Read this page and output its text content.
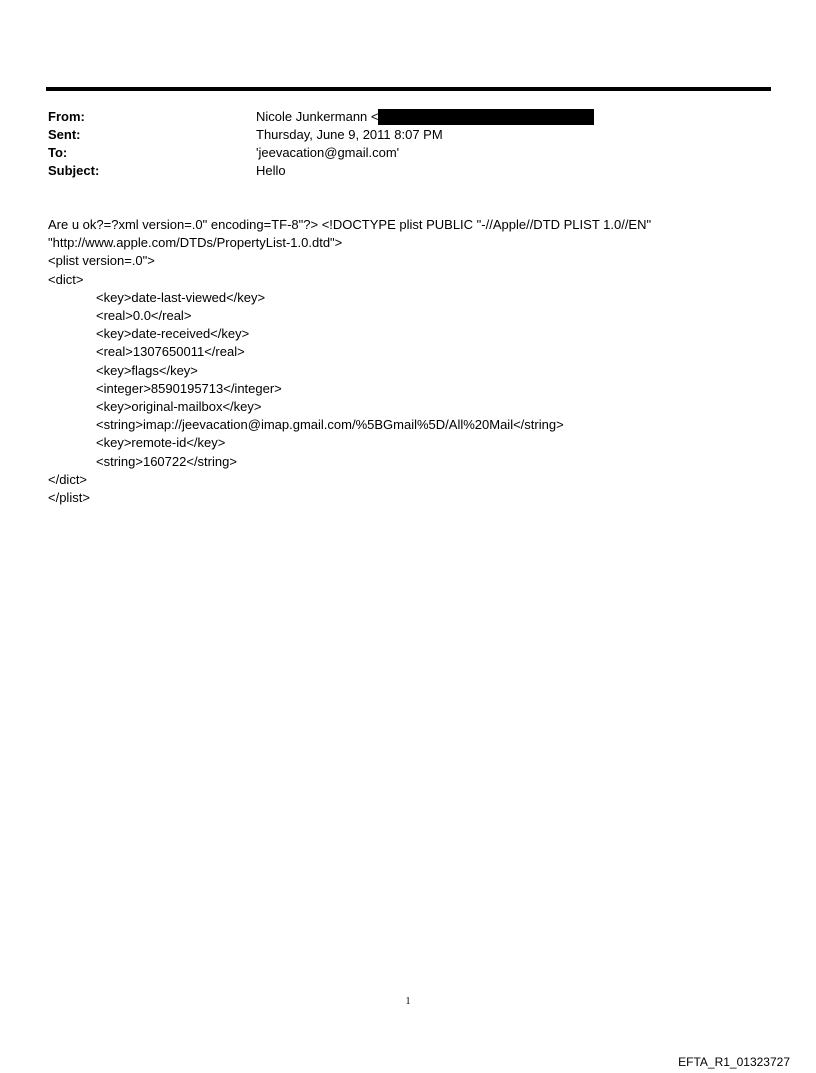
From:	Nicole Junkermann <
Sent:	Thursday, June 9, 2011 8:07 PM
To:	'jeevacation@gmail.com'
Subject:	Hello
Are u ok?=?xml version=.0" encoding=TF-8"?> <!DOCTYPE plist PUBLIC "-//Apple//DTD PLIST 1.0//EN"
"http://www.apple.com/DTDs/PropertyList-1.0.dtd">
<plist version=.0">
<dict>
<key>date-last-viewed</key>
<real>0.0</real>
<key>date-received</key>
<real>1307650011</real>
<key>flags</key>
<integer>8590195713</integer>
<key>original-mailbox</key>
<string>imap://jeevacation@imap.gmail.com/%5BGmail%5D/All%20Mail</string>
<key>remote-id</key>
<string>160722</string>
</dict>
</plist>
1
EFTA_R1_01323727
